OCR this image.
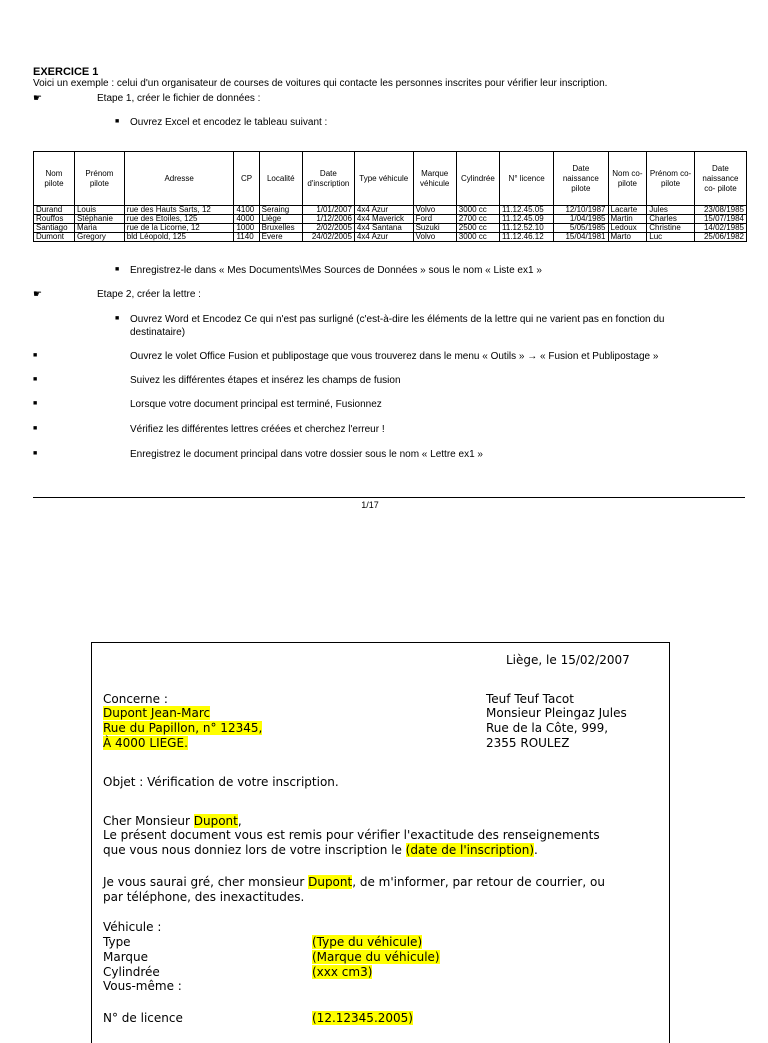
EXERCICE 1
Voici un exemple : celui d'un organisateur de courses de voitures qui contacte les personnes inscrites pour vérifier leur inscription.
☛	Etape 1, créer le fichier de données :
■ Ouvrez Excel et encodez le tableau suivant :
Nom pilote	Prénom pilote	Adresse	CP	Localité	Date d'inscription	Type véhicule	Marque véhicule	Cylindrée	N° licence	Date naissance pilote	Nom co-pilote	Prénom co-pilote	Date naissance co- pilote
Durand	Louis	rue des Hauts Sarts, 12	4100	Seraing	1/01/2007	4x4 Azur	Volvo	3000 cc	11.12.45.05	12/10/1987	Lacarte	Jules	23/08/1985
Rouffos	Stéphanie	rue des Etoiles, 125	4000	Liège	1/12/2006	4x4 Maverick	Ford	2700 cc	11.12.45.09	1/04/1985	Martin	Charles	15/07/1984
Santiago	Maria	rue de la Licorne, 12	1000	Bruxelles	2/02/2005	4x4 Santana	Suzuki	2500 cc	11.12.52.10	5/05/1985	Ledoux	Christine	14/02/1985
Dumont	Gregory	bld Léopold, 125	1140	Evere	24/02/2005	4x4 Azur	Volvo	3000 cc	11.12.46.12	15/04/1981	Marto	Luc	25/06/1982
■ Enregistrez-le dans « Mes Documents\Mes Sources de Données » sous le nom « Liste ex1 »
☛	Etape 2, créer la lettre :
■ Ouvrez Word et Encodez Ce qui n'est pas surligné (c'est-à-dire les éléments de la lettre qui ne varient pas en fonction du
destinataire)
■	Ouvrez le volet Office Fusion et publipostage que vous trouverez dans le menu « Outils » → « Fusion et Publipostage »
■	Suivez les différentes étapes et insérez les champs de fusion
■	Lorsque votre document principal est terminé, Fusionnez
■	Vérifiez les différentes lettres créées et cherchez l'erreur !
■	Enregistrez le document principal dans votre dossier sous le nom « Lettre ex1 »
1/17
Liège, le 15/02/2007
Concerne :
Dupont Jean-Marc
Rue du Papillon, n° 12345,
À 4000 LIEGE.
Teuf Teuf Tacot
Monsieur Pleingaz Jules
Rue de la Côte, 999,
2355 ROULEZ
Objet : Vérification de votre inscription.
Cher Monsieur Dupont,
Le présent document vous est remis pour vérifier l'exactitude des renseignements
que vous nous donniez lors de votre inscription le (date de l'inscription).
Je vous saurai gré, cher monsieur Dupont, de m'informer, par retour de courrier, ou
par téléphone, des inexactitudes.
Véhicule :
Type	(Type du véhicule)
Marque	(Marque du véhicule)
Cylindrée	(xxx cm3)
Vous-même :
N° de licence	(12.12345.2005)
